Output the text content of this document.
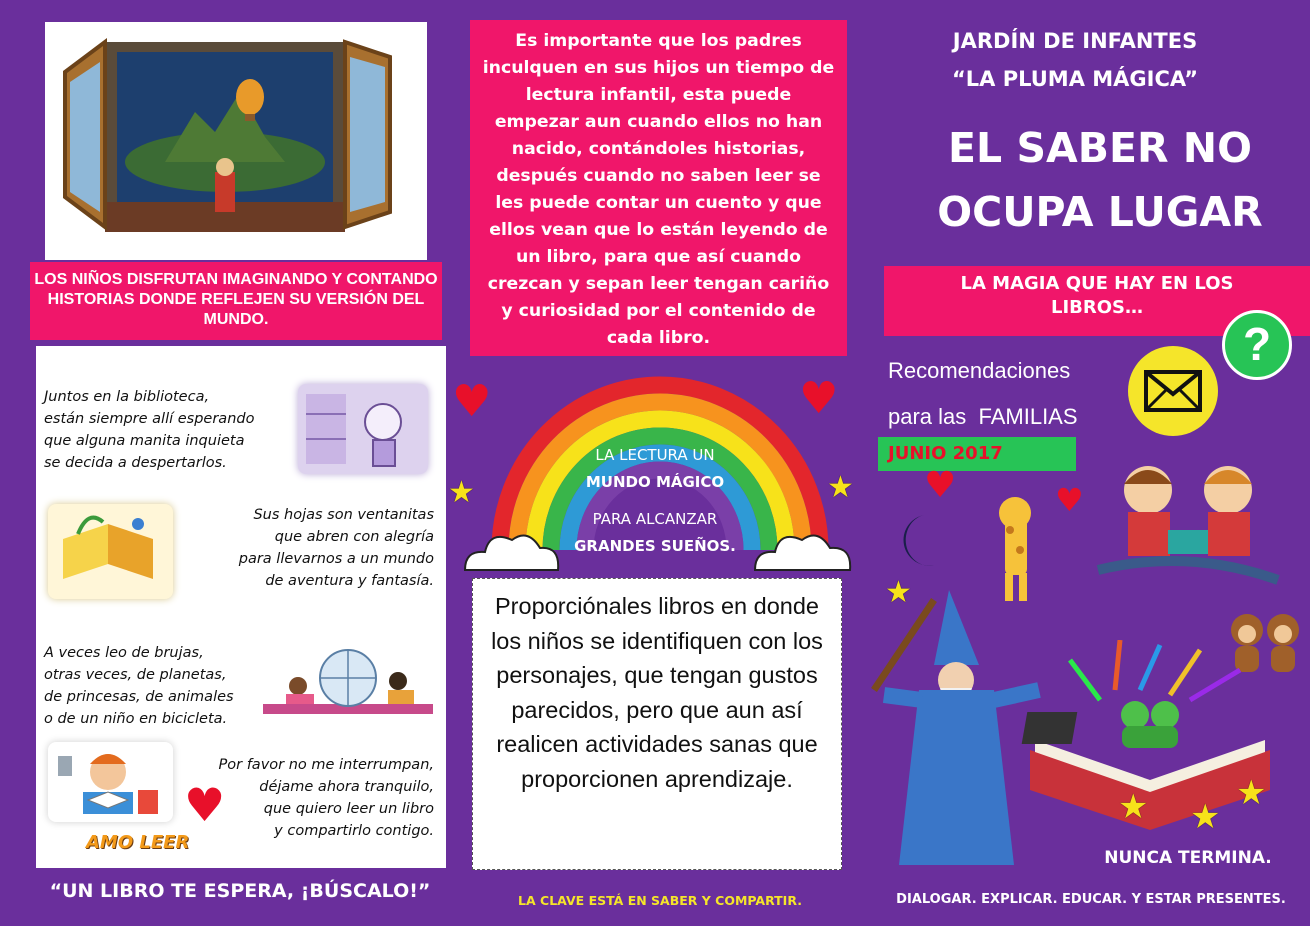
LOS NIÑOS DISFRUTAN IMAGINANDO Y CONTANDO HISTORIAS DONDE REFLEJEN SU VERSIÓN DEL MUNDO.
Juntos en la biblioteca,
están siempre allí esperando
que alguna manita inquieta
se decida a despertarlos.
Sus hojas son ventanitas
que abren con alegría
para llevarnos a un mundo
de aventura y fantasía.
A veces leo de brujas,
otras veces, de planetas,
de princesas, de animales
o de un niño en bicicleta.
AMO LEER
♥
Por favor no me interrumpan,
déjame ahora tranquilo,
que quiero leer un libro
y compartirlo contigo.
“UN LIBRO TE ESPERA, ¡BÚSCALO!”
Es importante que los padres inculquen en sus hijos un tiempo de lectura infantil, esta puede empezar aun cuando ellos no han nacido, contándoles historias, después cuando no saben leer se les puede contar un cuento y que ellos vean que lo están leyendo de un libro, para que así cuando crezcan y sepan leer tengan cariño y curiosidad por el contenido de cada libro.
♥	♥
★	★
LA LECTURA UN
MUNDO MÁGICO
PARA ALCANZAR
GRANDES SUEÑOS.
Proporciónales libros en donde los niños se identifiquen con los personajes, que tengan gustos parecidos, pero que aun así realicen actividades sanas que proporcionen aprendizaje.
LA CLAVE ESTÁ EN SABER Y COMPARTIR.
JARDÍN DE INFANTES
“LA PLUMA MÁGICA”
EL SABER NO
OCUPA LUGAR
LA MAGIA QUE HAY EN LOS LIBROS…
?
Recomendaciones
para las  FAMILIAS
JUNIO 2017
♥	♥
★
★ ★
★
NUNCA TERMINA.
DIALOGAR. EXPLICAR. EDUCAR. Y ESTAR PRESENTES.
